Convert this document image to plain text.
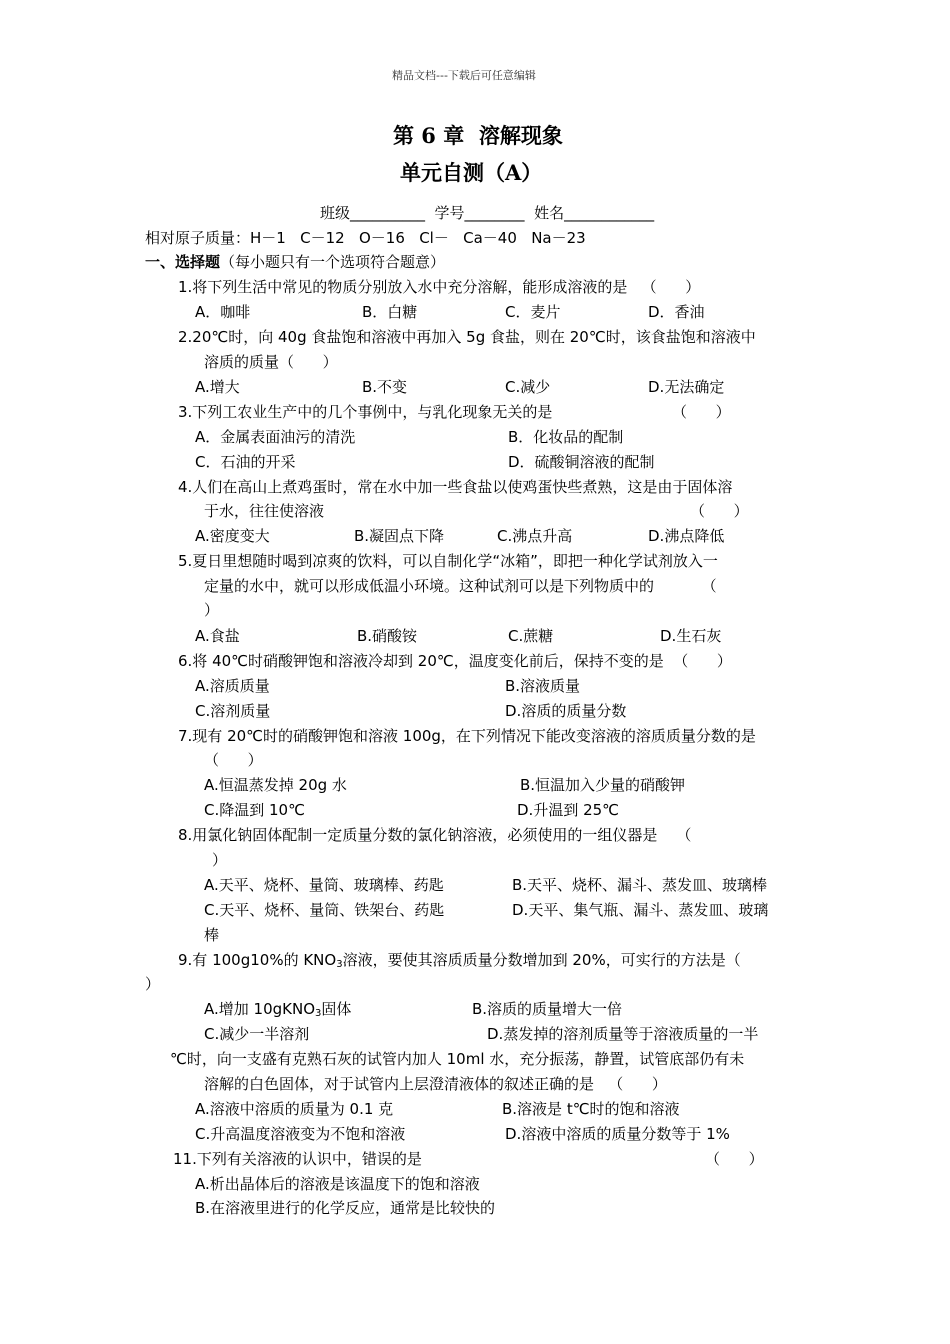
精品文档---下载后可任意编辑
第 6 章  溶解现象
单元自测（A）
班级__________  学号________  姓名____________
相对原子质量：H－1   C－12   O－16   Cl－   Ca－40   Na－23
一、选择题（每小题只有一个选项符合题意）
1.将下列生活中常见的物质分别放入水中充分溶解，能形成溶液的是   （      ）
A．咖啡	B．白糖	C．麦片	D．香油
2.20℃时，向 40g 食盐饱和溶液中再加入 5g 食盐，则在 20℃时，该食盐饱和溶液中
溶质的质量（      ）
A.增大	B.不变	C.减少	D.无法确定
3.下列工农业生产中的几个事例中，与乳化现象无关的是	（      ）
A．金属表面油污的清洗	B．化妆品的配制
C．石油的开采	D．硫酸铜溶液的配制
4.人们在高山上煮鸡蛋时，常在水中加一些食盐以使鸡蛋快些煮熟，这是由于固体溶
于水，往往使溶液	（      ）
A.密度变大	B.凝固点下降	C.沸点升高	D.沸点降低
5.夏日里想随时喝到凉爽的饮料，可以自制化学“冰箱”，即把一种化学试剂放入一
定量的水中，就可以形成低温小环境。这种试剂可以是下列物质中的          （
）
A.食盐	B.硝酸铵	C.蔗糖	D.生石灰
6.将 40℃时硝酸钾饱和溶液冷却到 20℃，温度变化前后，保持不变的是  （      ）
A.溶质质量	B.溶液质量
C.溶剂质量	D.溶质的质量分数
7.现有 20℃时的硝酸钾饱和溶液 100g，在下列情况下能改变溶液的溶质质量分数的是
（      ）
A.恒温蒸发掉 20g 水	B.恒温加入少量的硝酸钾
C.降温到 10℃	D.升温到 25℃
8.用氯化钠固体配制一定质量分数的氯化钠溶液，必须使用的一组仪器是    （
）
A.天平、烧杯、量筒、玻璃棒、药匙	B.天平、烧杯、漏斗、蒸发皿、玻璃棒
C.天平、烧杯、量筒、铁架台、药匙	D.天平、集气瓶、漏斗、蒸发皿、玻璃
棒
9.有 100g10%的 $KNO_3$溶液，要使其溶质质量分数增加到 20%，可实行的方法是（
）
A.增加 10gKNO$_3$固体	B.溶质的质量增大一倍
C.减少一半溶剂	D.蒸发掉的溶剂质量等于溶液质量的一半
℃时，向一支盛有克熟石灰的试管内加人 10ml 水，充分振荡，静置，试管底部仍有未
溶解的白色固体，对于试管内上层澄清液体的叙述正确的是   （      ）
A.溶液中溶质的质量为 0.1 克	B.溶液是 t℃时的饱和溶液
C.升高温度溶液变为不饱和溶液	D.溶液中溶质的质量分数等于 1%
11.下列有关溶液的认识中，错误的是	（      ）
A.析出晶体后的溶液是该温度下的饱和溶液
B.在溶液里进行的化学反应，通常是比较快的
